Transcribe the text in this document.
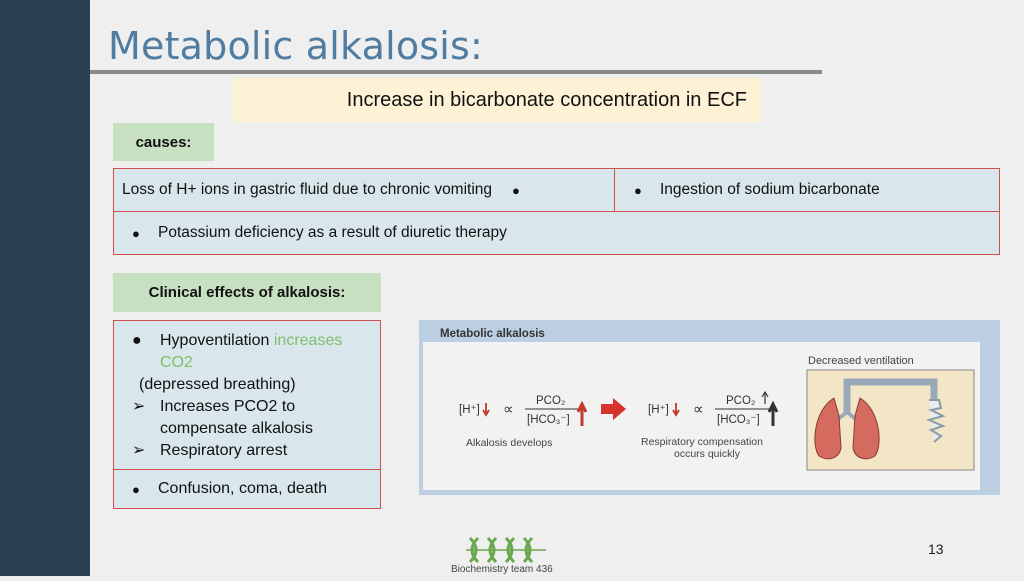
Metabolic alkalosis:
Increase in bicarbonate concentration in ECF
causes:
Loss of H+ ions in gastric fluid due to chronic vomiting ●	●	Ingestion of sodium bicarbonate
●	Potassium deficiency as a result of diuretic therapy
Clinical effects of alkalosis:
● Hypoventilation increases
CO2
(depressed breathing)
➢ Increases PCO2 to
compensate alkalosis
➢ Respiratory arrest
●	Confusion, coma, death
Metabolic alkalosis
[H⁺] ∝ PCO₂
[HCO₃⁻]
Alkalosis develops
[H⁺] ∝ PCO₂
[HCO₃⁻]
Respiratory compensation
occurs quickly
Decreased ventilation
Biochemistry team 436
13
